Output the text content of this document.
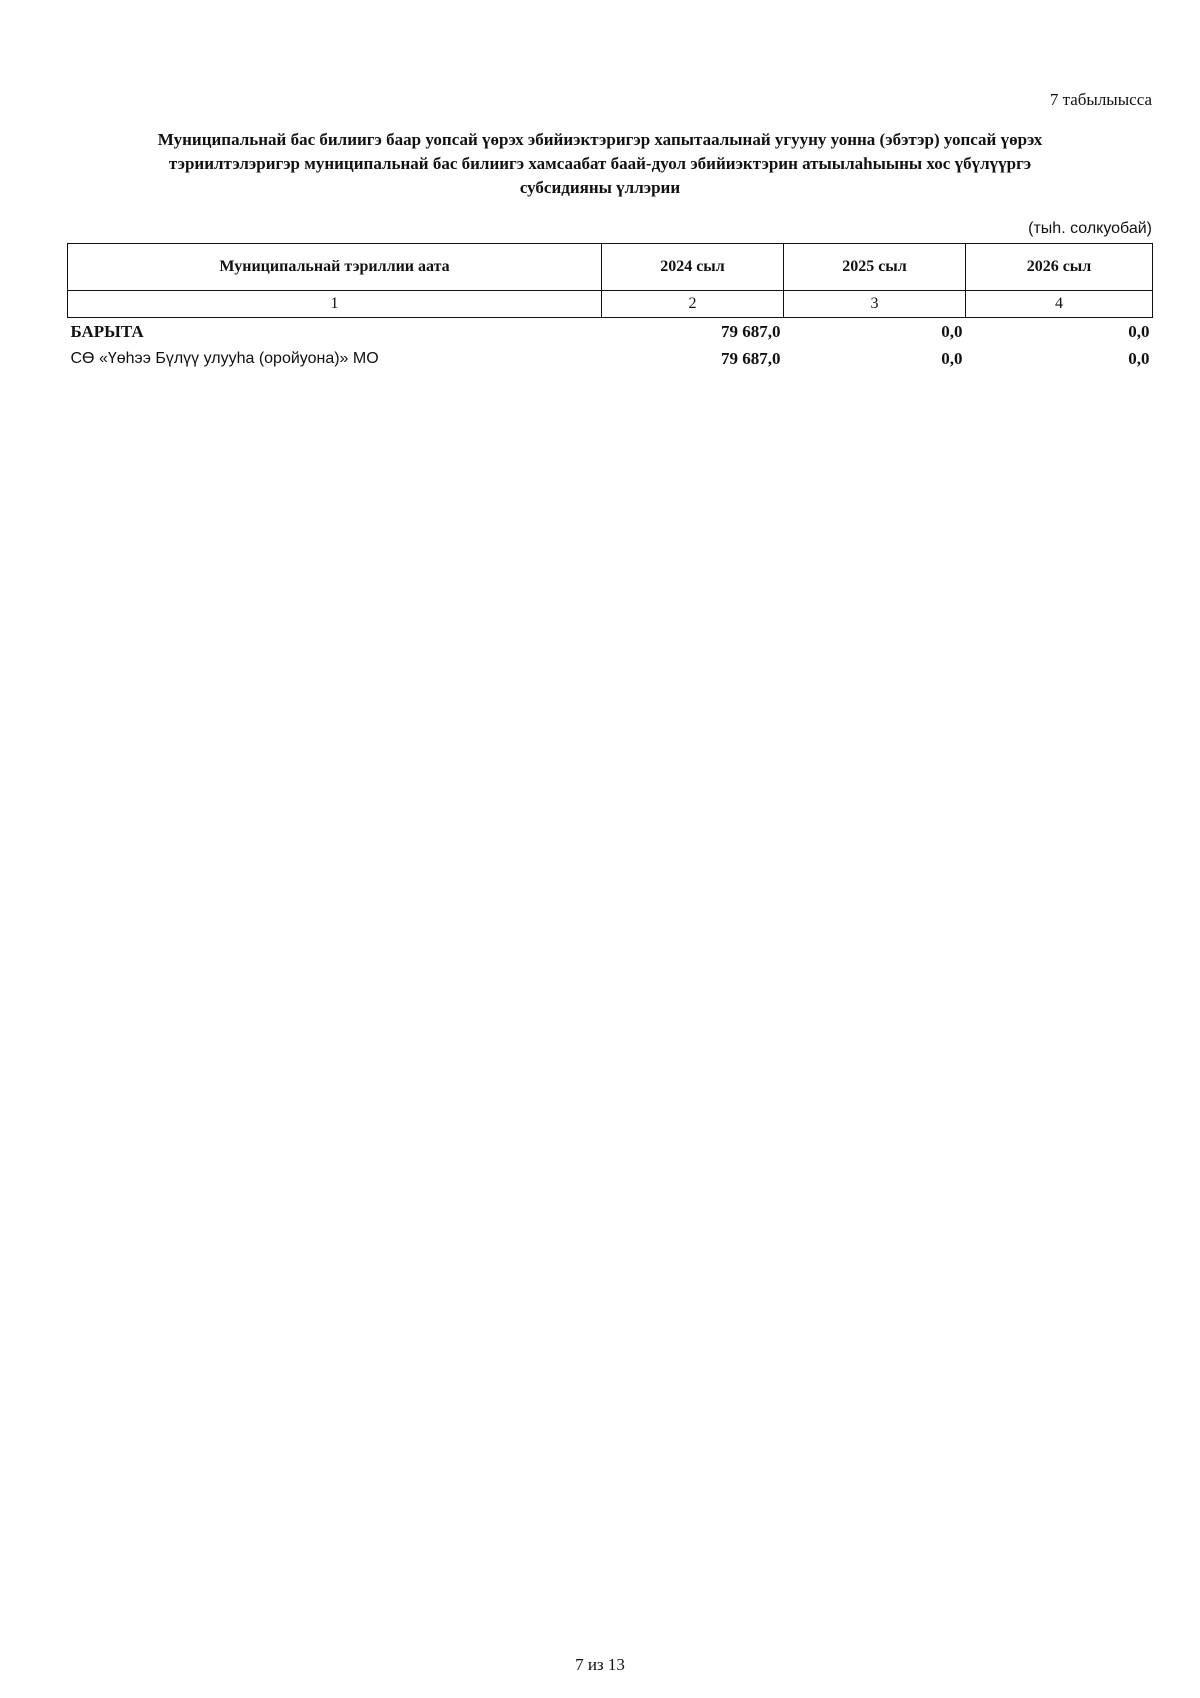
7 табылыысса
Муниципальнай бас билиигэ баар уопсай үөрэх эбийиэктэригэр хапытаалынай угууну уонна (эбэтэр) уопсай үөрэх
тэриилтэлэригэр муниципальнай бас билиигэ хамсаабат баай-дуол эбийиэктэрин атыылаһыыны хос үбүлүүргэ
субсидияны үллэрии
(тыһ. солкуобай)
Муниципальнай тэриллии аата	2024 сыл	2025 сыл	2026 сыл
1	2	3	4
БАРЫТА	79 687,0	0,0	0,0
СӨ «Үөһээ Бүлүү улууһа (оройуона)» МО	79 687,0	0,0	0,0
7 из 13
